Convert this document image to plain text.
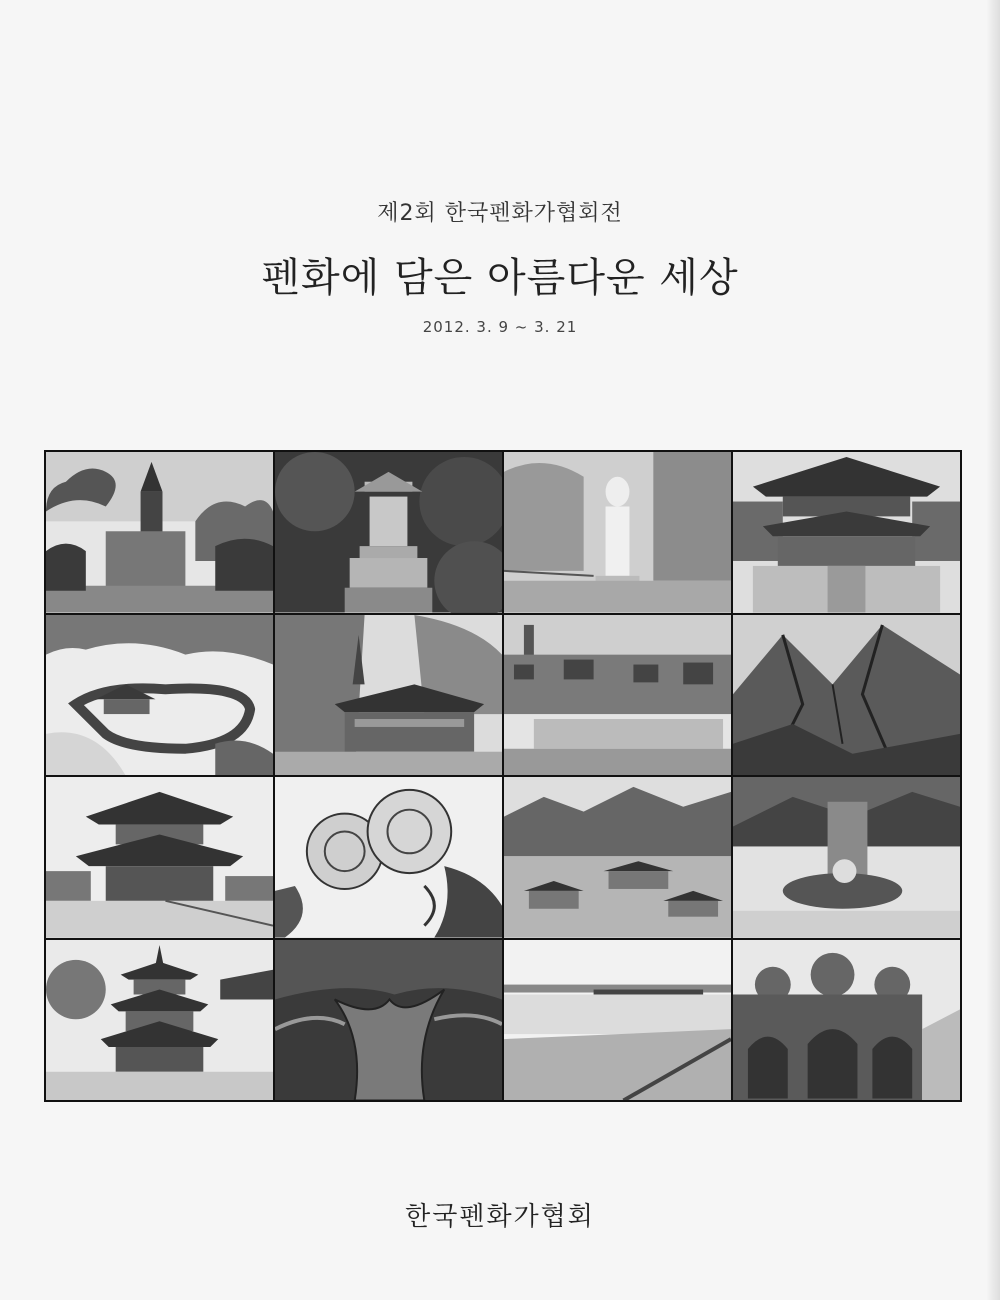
제2회 한국펜화가협회전
펜화에 담은 아름다운 세상
2012. 3. 9 ~ 3. 21
한국펜화가협회
